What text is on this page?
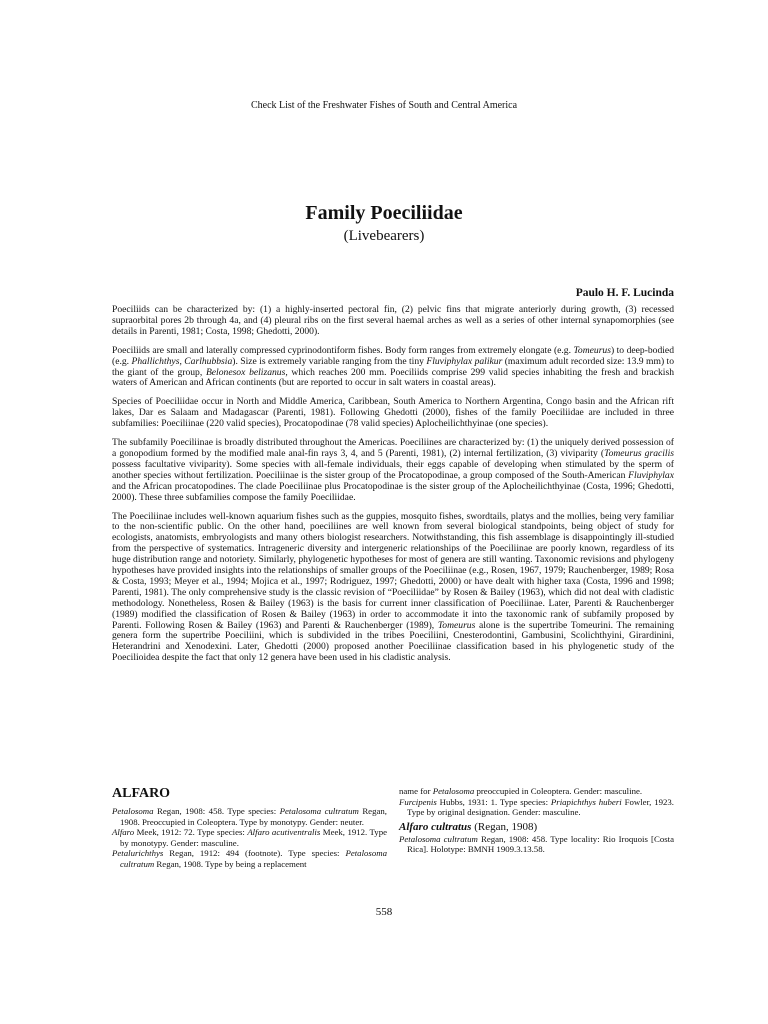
Check List of the Freshwater Fishes of South and Central America
Family Poeciliidae
(Livebearers)
Paulo H. F. Lucinda

Poeciliids can be characterized by: (1) a highly-inserted pectoral fin, (2) pelvic fins that migrate anteriorly during growth, (3) recessed supraorbital pores 2b through 4a, and (4) pleural ribs on the first several haemal arches as well as a series of other internal synapomorphies (see details in Parenti, 1981; Costa, 1998; Ghedotti, 2000).

Poeciliids are small and laterally compressed cyprinodontiform fishes. Body form ranges from extremely elongate (e.g. Tomeurus) to deep-bodied (e.g. Phallichthys, Carlhubbsia). Size is extremely variable ranging from the tiny Fluviphylax palikur (maximum adult recorded size: 13.9 mm) to the giant of the group, Belonesox belizanus, which reaches 200 mm. Poeciliids comprise 299 valid species inhabiting the fresh and brackish waters of American and African continents (but are reported to occur in salt waters in coastal areas).

Species of Poeciliidae occur in North and Middle America, Caribbean, South America to Northern Argentina, Congo basin and the African rift lakes, Dar es Salaam and Madagascar (Parenti, 1981). Following Ghedotti (2000), fishes of the family Poeciliidae are included in three subfamilies: Poeciliinae (220 valid species), Procatopodinae (78 valid species) Aplocheilichthyinae (one species).

The subfamily Poeciliinae is broadly distributed throughout the Americas. Poeciliines are characterized by: (1) the uniquely derived possession of a gonopodium formed by the modified male anal-fin rays 3, 4, and 5 (Parenti, 1981), (2) internal fertilization, (3) viviparity (Tomeurus gracilis possess facultative viviparity). Some species with all-female individuals, their eggs capable of developing when stimulated by the sperm of another species without fertilization. Poeciliinae is the sister group of the Procatopodinae, a group composed of the South-American Fluviphylax and the African procatopodines. The clade Poeciliinae plus Procatopodinae is the sister group of the Aplocheilichthyinae (Costa, 1996; Ghedotti, 2000). These three subfamilies compose the family Poeciliidae.

The Poeciliinae includes well-known aquarium fishes such as the guppies, mosquito fishes, swordtails, platys and the mollies, being very familiar to the non-scientific public. On the other hand, poeciliines are well known from several biological standpoints, being object of study for ecologists, anatomists, embryologists and many others biologist researchers. Notwithstanding, this fish assemblage is disappointingly ill-studied from the perspective of systematics. Intrageneric diversity and intergeneric relationships of the Poeciliinae are poorly known, regardless of its huge distribution range and notoriety. Similarly, phylogenetic hypotheses for most of genera are still wanting. Taxonomic revisions and phylogeny hypotheses have provided insights into the relationships of smaller groups of the Poeciliinae (e.g., Rosen, 1967, 1979; Rauchenberger, 1989; Rosa & Costa, 1993; Meyer et al., 1994; Mojica et al., 1997; Rodriguez, 1997; Ghedotti, 2000) or have dealt with higher taxa (Costa, 1996 and 1998; Parenti, 1981). The only comprehensive study is the classic revision of “Poeciliidae” by Rosen & Bailey (1963), which did not deal with cladistic methodology. Nonetheless, Rosen & Bailey (1963) is the basis for current inner classification of Poeciliinae. Later, Parenti & Rauchenberger (1989) modified the classification of Rosen & Bailey (1963) in order to accommodate it into the taxonomic rank of subfamily proposed by Parenti. Following Rosen & Bailey (1963) and Parenti & Rauchenberger (1989), Tomeurus alone is the supertribe Tomeurini. The remaining genera form the supertribe Poeciliini, which is subdivided in the tribes Poeciliini, Cnesterodontini, Gambusini, Scolichthyini, Girardinini, Heterandrini and Xenodexini. Later, Ghedotti (2000) proposed another Poeciliinae classification based in his phylogenetic study of the Poecilioidea despite the fact that only 12 genera have been used in his cladistic analysis.

ALFARO

Petalosoma Regan, 1908: 458. Type species: Petalosoma cultratum Regan, 1908. Preoccupied in Coleoptera. Type by monotypy. Gender: neuter.

Alfaro Meek, 1912: 72. Type species: Alfaro acutiventralis Meek, 1912. Type by monotypy. Gender: masculine.

Petalurichthys Regan, 1912: 494 (footnote). Type species: Petalosoma cultratum Regan, 1908. Type by being a replacement

name for Petalosoma preoccupied in Coleoptera. Gender: masculine.

Furcipenis Hubbs, 1931: 1. Type species: Priapichthys huberi Fowler, 1923. Type by original designation. Gender: masculine.

Alfaro cultratus (Regan, 1908)

Petalosoma cultratum Regan, 1908: 458. Type locality: Rio Iroquois [Costa Rica]. Holotype: BMNH 1909.3.13.58.

558
